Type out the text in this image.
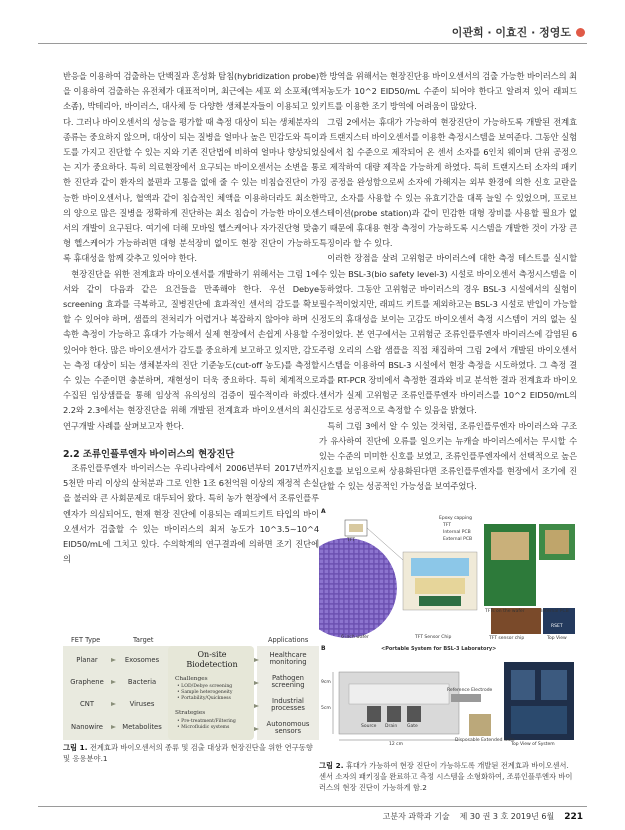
이관희 · 이효진 · 정영도

반응을 이용하여 검출하는 단백질과 혼성화 탐침(hybridization probe)을 이용하여 검출하는 유전체가 대표적이며, 최근에는 세포 외 소포체(엑소좀), 박테리아, 바이러스, 대사체 등 다양한 생체분자들이 이용되고 있다. 그러나 바이오센서의 성능을 평가할 때 측정 대상이 되는 생체분자의 종류는 중요하지 않으며, 대상이 되는 질병을 얼마나 높은 민감도와 특이도를 가지고 진단할 수 있는 지와 기존 진단법에 비하여 얼마나 향상되었는 지가 중요하다. 특히 의료현장에서 요구되는 바이오센서는 소변을 통한 진단과 같이 환자의 불편과 고통을 없애 줄 수 있는 비침습진단이 가능한 바이오센서나, 혈액과 같이 침습적인 체액을 이용하더라도 최소한의 양으로 많은 질병을 정확하게 진단하는 최소 침습이 가능한 바이오센서의 개발이 요구된다. 여기에 더해 모바일 헬스케어나 자가진단형 맞춤형 헬스케어가 가능하려면 대형 분석장비 없이도 현장 진단이 가능하도록 휴대성을 함께 갖추고 있어야 한다.

현장진단을 위한 전계효과 바이오센서를 개발하기 위해서는 그림 1에서와 같이 다음과 같은 요건들을 만족해야 한다. 우선 Debye screening 효과를 극복하고, 질병진단에 효과적인 센서의 감도를 확보할 수 있어야 하며, 샘플의 전처리가 어렵거나 복잡하지 않아야 하며 신속한 측정이 가능하고 휴대가 가능해서 실제 현장에서 손쉽게 사용할 수 있어야 한다. 많은 바이오센서가 감도를 중요하게 보고하고 있지만, 감도는 측정 대상이 되는 생체분자의 진단 기준농도(cut-off 농도)를 측정할 수 있는 수준이면 충분하며, 재현성이 더욱 중요하다. 특히 체계적으로 수집된 임상샘플을 통해 임상적 유의성의 검증이 필수적이라 하겠다. 2.2와 2.3에서는 현장진단을 위해 개발된 전계효과 바이오센서의 최신 연구개발 사례를 살펴보고자 한다.

2.2 조류인플루엔자 바이러스의 현장진단

조류인플루엔자 바이러스는 우리나라에서 2006년부터 2017년까지 5천만 마리 이상의 살처분과 그로 인한 1조 6천억원 이상의 재정적 손실을 불러와 큰 사회문제로 대두되어 왔다. 특히 농가 현장에서 조류인플루엔자가 의심되어도, 현재 현장 진단에 이용되는 래피드키트 타입의 바이오센서가 검출할 수 있는 바이러스의 최저 농도가 10^3.5~10^4 EID50/mL에 그치고 있다. 수의학계의 연구결과에 의하면 조기 진단에 의

한 방역을 위해서는 현장진단용 바이오센서의 검출 가능한 바이러스의 최저농도가 10^2 EID50/mL 수준이 되어야 한다고 알려져 있어 래피드 키트를 이용한 조기 방역에 어려움이 많았다.

그림 2에서는 휴대가 가능하여 현장진단이 가능하도록 개발된 전계효과 트랜지스터 바이오센서를 이용한 측정시스템을 보여준다. 그동안 실험실에서 칩 수준으로 제작되어 온 센서 소자를 6인치 웨이퍼 단위 공정으로 제작하여 대량 제작을 가능하게 하였다. 특히 트랜지스터 소자의 패키징 공정을 완성함으로써 소자에 가해지는 외부 환경에 의한 신호 교란을 막고, 소자를 사용할 수 있는 유효기간을 대폭 늘일 수 있었으며, 프로브 스테이션(probe station)과 같이 민감한 대형 장비를 사용할 필요가 없기 때문에 휴대용 현장 측정이 가능하도록 시스템을 개발한 것이 가장 큰 특징이라 할 수 있다.

이러한 장점을 살려 고위험군 바이러스에 대한 측정 테스트를 실시할 수 있는 BSL-3(bio safety level-3) 시설로 바이오센서 측정시스템을 이동하였다. 그동안 고위험군 바이러스의 경우 BSL-3 시설에서의 실험이 필수적이었지만, 래피드 키트를 제외하고는 BSL-3 시설로 반입이 가능할 정도의 휴대성을 보이는 고감도 바이오센서 측정 시스템이 거의 없는 실정이었다. 본 연구에서는 고위험군 조류인플루엔자 바이러스에 감염된 6주령 오리의 스왑 샘플을 직접 채집하여 그림 2에서 개발된 바이오센서 시스템을 이용하여 BSL-3 시설에서 현장 측정을 시도하였다. 그 측정 결과를 RT-PCR 장비에서 측정한 결과와 비교 분석한 결과 전계효과 바이오센서가 실제 고위험군 조류인플루엔자 바이러스를 10^2 EID50/mL의 감도로 성공적으로 측정할 수 있음을 밝혔다.

특히 그림 3에서 알 수 있는 것처럼, 조류인플루엔자 바이러스와 구조가 유사하여 진단에 오류를 일으키는 뉴캐슬 바이러스에서는 무시할 수 있는 수준의 미미한 신호를 보였고, 조류인플루엔자에서 선택적으로 높은 신호를 보임으로써 상용화된다면 조류인플루엔자를 현장에서 조기에 진단할 수 있는 성공적인 가능성을 보여주었다.

FET Type	Target	Applications
Planar
Graphene
CNT
Nanowire
Exosomes
Bacteria
Viruses
Metabolites
On-site Biodetection
Challenges
• LOD/Debye screening
• Sample heterogeneity
• Portability/Quickness
Strategies
• Pre-treatment/Filtering
• Microfluidic systems
Healthcare monitoring
Pathogen screening
Industrial processes
Autonomous sensors
그림 1. 전계효과 바이오센서의 종류 및 검출 대상과 현장진단을 위한 연구동향 및 응용분야.1
A
Epoxy capping
TFT
Internal PCB
External PCB
6 inch wafer	TFT Sensor Chip
TFT
TFTs on the wafer	Internal PCB
TFT sensor chip	Top View
RSET
B	<Portable System for BSL-3 Laboratory>
9cm
5cm
Reference Electrode
Source Drain Gate
12 cm
Disposable Extended Gate
Top View of System
그림 2. 휴대가 가능하여 현장 진단이 가능하도록 개발된 전계효과 바이오센서. 센서 소자의 패키징을 완료하고 측정 시스템을 소형화하여, 조류인플루엔자 바이러스의 현장 진단이 가능하게 함.2
고분자 과학과 기술 제 30 권 3 호 2019년 6월 221
